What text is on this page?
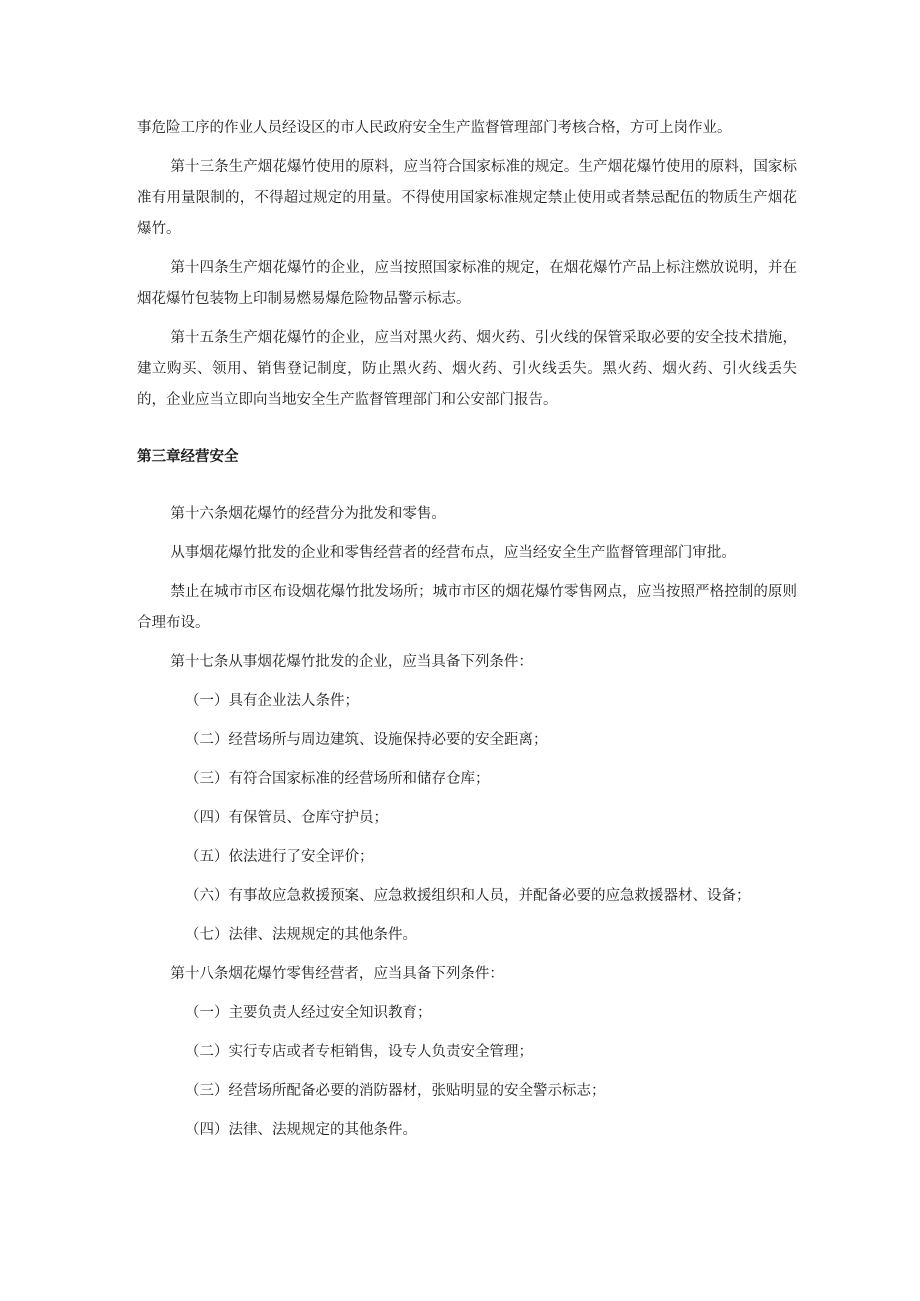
事危险工序的作业人员经设区的市人民政府安全生产监督管理部门考核合格，方可上岗作业。

第十三条生产烟花爆竹使用的原料，应当符合国家标准的规定。生产烟花爆竹使用的原料，国家标准有用量限制的，不得超过规定的用量。不得使用国家标准规定禁止使用或者禁忌配伍的物质生产烟花爆竹。

第十四条生产烟花爆竹的企业，应当按照国家标准的规定，在烟花爆竹产品上标注燃放说明，并在烟花爆竹包装物上印制易燃易爆危险物品警示标志。

第十五条生产烟花爆竹的企业，应当对黑火药、烟火药、引火线的保管采取必要的安全技术措施，建立购买、领用、销售登记制度，防止黑火药、烟火药、引火线丢失。黑火药、烟火药、引火线丢失的，企业应当立即向当地安全生产监督管理部门和公安部门报告。

第三章经营安全

第十六条烟花爆竹的经营分为批发和零售。

从事烟花爆竹批发的企业和零售经营者的经营布点，应当经安全生产监督管理部门审批。

禁止在城市市区布设烟花爆竹批发场所；城市市区的烟花爆竹零售网点，应当按照严格控制的原则合理布设。

第十七条从事烟花爆竹批发的企业，应当具备下列条件：

（一）具有企业法人条件；

（二）经营场所与周边建筑、设施保持必要的安全距离；

（三）有符合国家标准的经营场所和储存仓库；

（四）有保管员、仓库守护员；

（五）依法进行了安全评价；

（六）有事故应急救援预案、应急救援组织和人员，并配备必要的应急救援器材、设备；

（七）法律、法规规定的其他条件。

第十八条烟花爆竹零售经营者，应当具备下列条件：

（一）主要负责人经过安全知识教育；

（二）实行专店或者专柜销售，设专人负责安全管理；

（三）经营场所配备必要的消防器材，张贴明显的安全警示标志；

（四）法律、法规规定的其他条件。
